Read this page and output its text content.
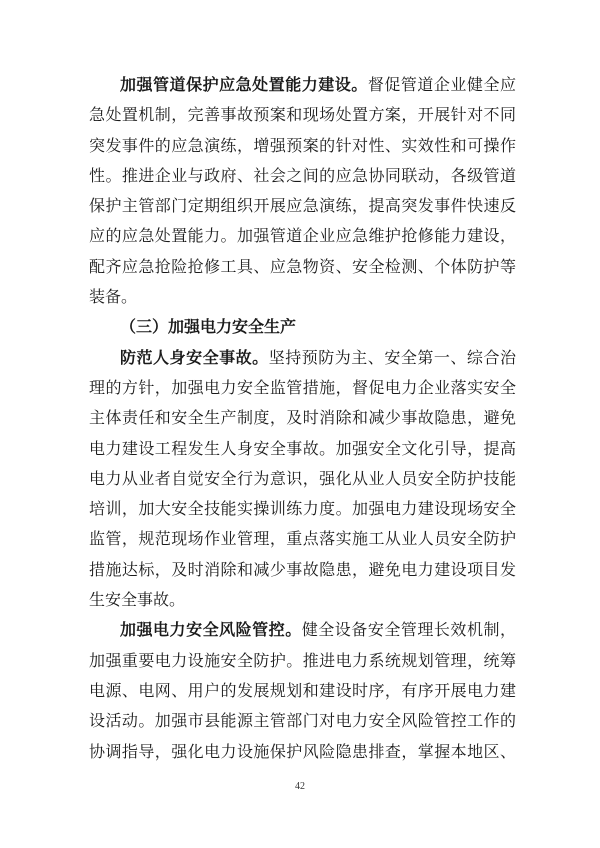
加强管道保护应急处置能力建设。督促管道企业健全应
急处置机制，完善事故预案和现场处置方案，开展针对不同
突发事件的应急演练，增强预案的针对性、实效性和可操作
性。推进企业与政府、社会之间的应急协同联动，各级管道
保护主管部门定期组织开展应急演练，提高突发事件快速反
应的应急处置能力。加强管道企业应急维护抢修能力建设，
配齐应急抢险抢修工具、应急物资、安全检测、个体防护等
装备。
（三）加强电力安全生产
防范人身安全事故。坚持预防为主、安全第一、综合治
理的方针，加强电力安全监管措施，督促电力企业落实安全
主体责任和安全生产制度，及时消除和减少事故隐患，避免
电力建设工程发生人身安全事故。加强安全文化引导，提高
电力从业者自觉安全行为意识，强化从业人员安全防护技能
培训，加大安全技能实操训练力度。加强电力建设现场安全
监管，规范现场作业管理，重点落实施工从业人员安全防护
措施达标，及时消除和减少事故隐患，避免电力建设项目发
生安全事故。
加强电力安全风险管控。健全设备安全管理长效机制，
加强重要电力设施安全防护。推进电力系统规划管理，统筹
电源、电网、用户的发展规划和建设时序，有序开展电力建
设活动。加强市县能源主管部门对电力安全风险管控工作的
协调指导，强化电力设施保护风险隐患排查，掌握本地区、
42
